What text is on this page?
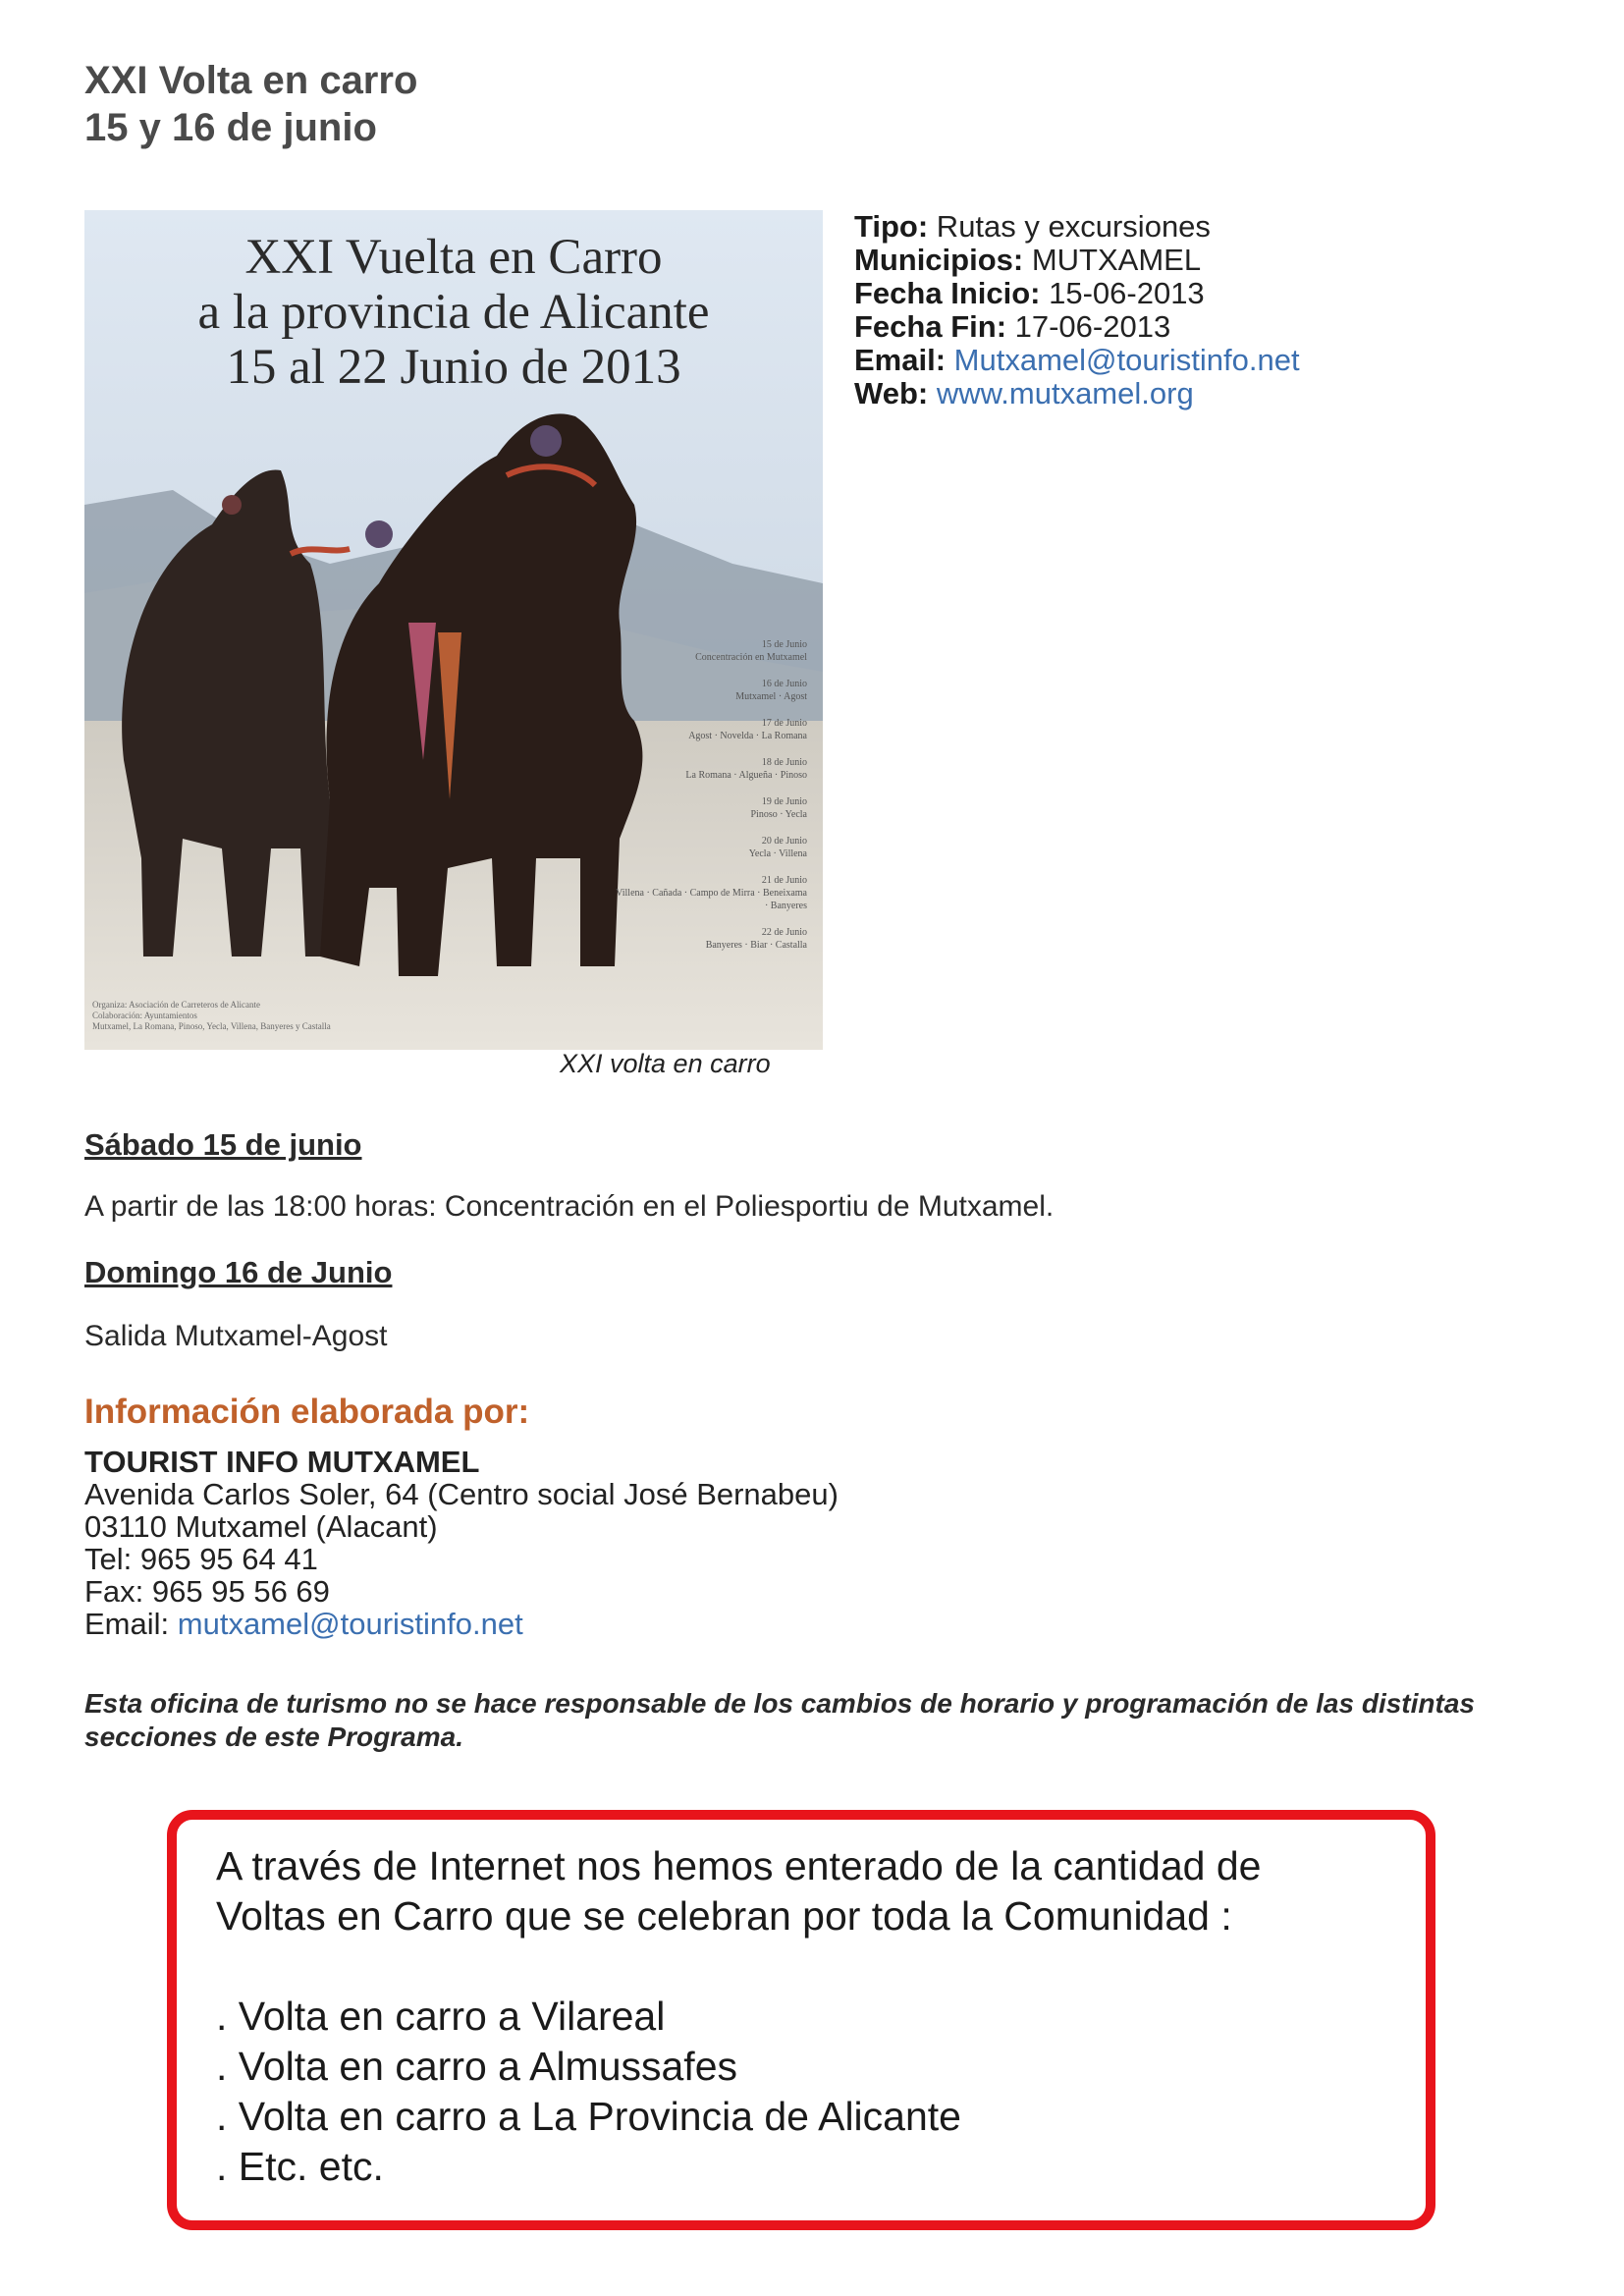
XXI Volta en carro
15 y 16 de junio
XXI Vuelta en Carro
a la provincia de Alicante
15 al 22 Junio de 2013
15 de Junio
Concentración en Mutxamel
16 de Junio
Mutxamel · Agost
17 de Junio
Agost · Novelda · La Romana
18 de Junio
La Romana · Algueña · Pinoso
19 de Junio
Pinoso · Yecla
20 de Junio
Yecla · Villena
21 de Junio
Villena · Cañada · Campo de Mirra · Beneixama · Banyeres
22 de Junio
Banyeres · Biar · Castalla
Organiza: Asociación de Carreteros de Alicante
Colaboración: Ayuntamientos
Mutxamel, La Romana, Pinoso, Yecla, Villena, Banyeres y Castalla
XXI volta en carro
Tipo: Rutas y excursiones
Municipios: MUTXAMEL
Fecha Inicio: 15-06-2013
Fecha Fin: 17-06-2013
Email: Mutxamel@touristinfo.net
Web: www.mutxamel.org
Sábado 15 de junio
A partir de las 18:00 horas: Concentración en el Poliesportiu de Mutxamel.
Domingo 16 de Junio
Salida Mutxamel-Agost
Información elaborada por:
TOURIST INFO MUTXAMEL
Avenida Carlos Soler, 64 (Centro social José Bernabeu)
03110 Mutxamel (Alacant)
Tel: 965 95 64 41
Fax: 965 95 56 69
Email: mutxamel@touristinfo.net
Esta oficina de turismo no se hace responsable de los cambios de horario y programación de las distintas secciones de este Programa.
A través de Internet nos hemos enterado de la cantidad de
Voltas en Carro que se celebran por toda la Comunidad :
. Volta en carro a Vilareal
. Volta en carro a Almussafes
. Volta en carro a La Provincia de Alicante
. Etc. etc.
